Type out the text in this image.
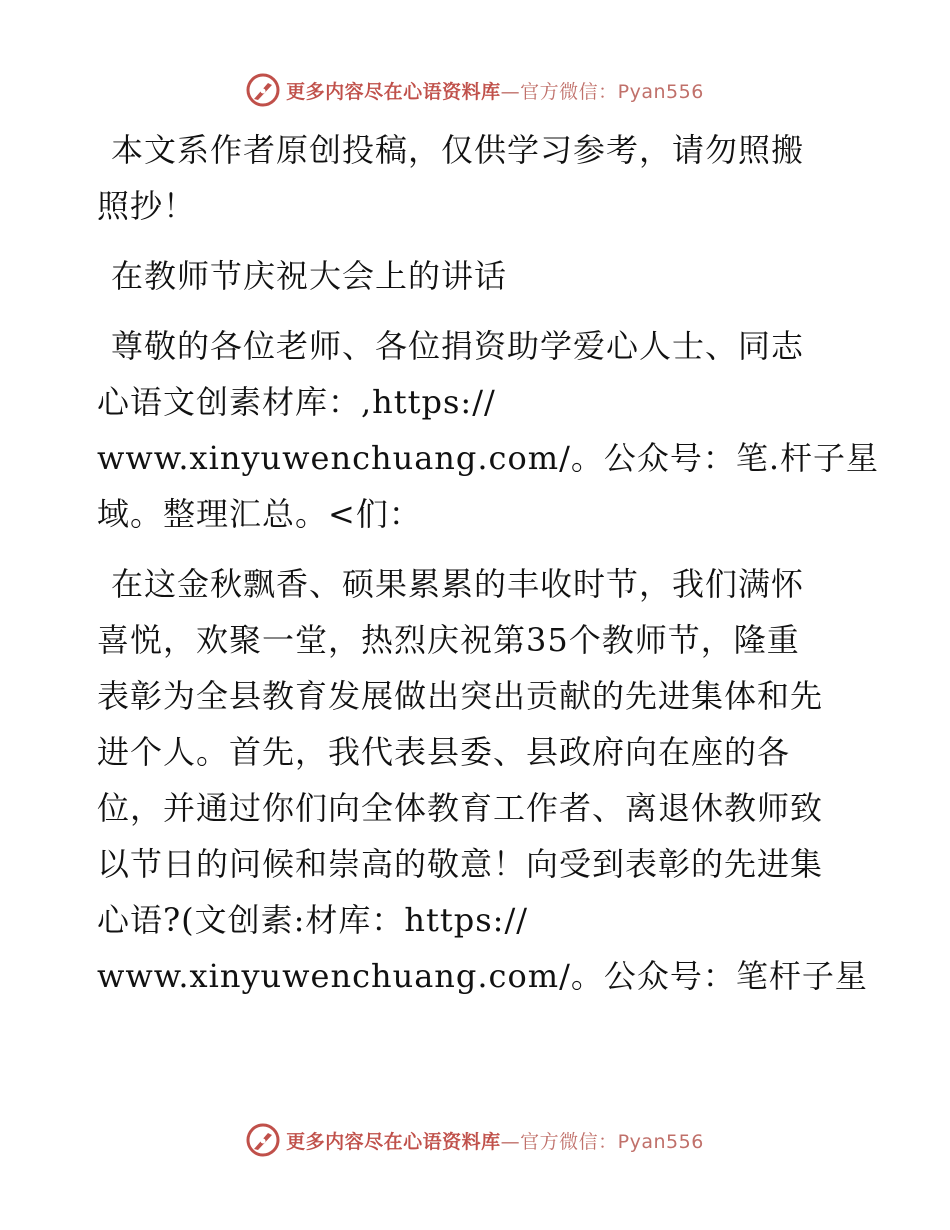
更多内容尽在心语资料库—官方微信：Pyan556
本文系作者原创投稿，仅供学习参考，请勿照搬
照抄！
在教师节庆祝大会上的讲话
尊敬的各位老师、各位捐资助学爱心人士、同志
心语文创素材库：,https://
www.xinyuwenchuang.com/。公众号：笔.杆子星
域。整理汇总。<们：
在这金秋飘香、硕果累累的丰收时节，我们满怀
喜悦，欢聚一堂，热烈庆祝第35个教师节，隆重
表彰为全县教育发展做出突出贡献的先进集体和先
进个人。首先，我代表县委、县政府向在座的各
位，并通过你们向全体教育工作者、离退休教师致
以节日的问候和崇高的敬意！向受到表彰的先进集
心语?(文创素:材库：https://
www.xinyuwenchuang.com/。公众号：笔杆子星
更多内容尽在心语资料库—官方微信：Pyan556
